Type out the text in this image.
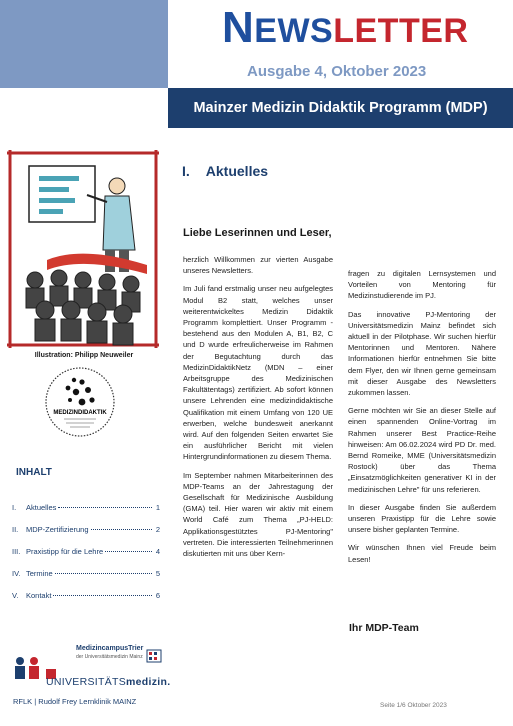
NEWSLETTER
Ausgabe 4, Oktober 2023
Mainzer Medizin Didaktik Programm (MDP)
Illustration: Philipp Neuweiler
MEDIZINDIDAKTIK
INHALT
I.	Aktuelles	1
II.	MDP-Zertifizierung	2
III. Praxistipp für die Lehre	4
IV. Termine	5
V.	Kontakt	6
MedizincampusTrier
der Universitätsmedizin Mainz
UNIVERSITÄTSmedizin.
RFLK | Rudolf Frey Lernklinik MAINZ
I. Aktuelles
Liebe Leserinnen und Leser,

herzlich Willkommen zur vierten Ausgabe unseres Newsletters.

Im Juli fand erstmalig unser neu aufgelegtes Modul B2 statt, welches unser weiterentwickeltes Medizin Didaktik Programm komplettiert. Unser Programm - bestehend aus den Modulen A, B1, B2, C und D wurde erfreulicherweise im Rahmen der Begutachtung durch das MedizinDidaktikNetz (MDN – einer Arbeitsgruppe des Medizinischen Fakultätentags) zertifiziert. Ab sofort können unsere Lehrenden eine medizindidaktische Qualifikation mit einem Umfang von 120 UE erwerben, welche bundesweit anerkannt wird. Auf den folgenden Seiten erwartet Sie ein ausführlicher Bericht mit vielen Hintergrundinformationen zu diesem Thema.

Im September nahmen Mitarbeiterinnen des MDP-Teams an der Jahrestagung der Gesellschaft für Medizinische Ausbildung (GMA) teil. Hier waren wir aktiv mit einem World Café zum Thema „PJ-HELD: Applikationsgestütztes PJ-Mentoring" vertreten. Die interessierten Teilnehmerinnen diskutierten mit uns über Kern-

fragen zu digitalen Lernsystemen und Vorteilen von Mentoring für Medizinstudierende im PJ.

Das innovative PJ-Mentoring der Universitätsmedizin Mainz befindet sich aktuell in der Pilotphase. Wir suchen hierfür Mentorinnen und Mentoren. Nähere Informationen hierfür entnehmen Sie bitte dem Flyer, den wir Ihnen gerne gemeinsam mit dieser Ausgabe des Newsletters zukommen lassen.

Gerne möchten wir Sie an dieser Stelle auf einen spannenden Online-Vortrag im Rahmen unserer Best Practice-Reihe hinweisen: Am 06.02.2024 wird PD Dr. med. Bernd Romeike, MME (Universitätsmedizin Rostock) über das Thema „Einsatzmöglichkeiten generativer KI in der medizinischen Lehre" für uns referieren.

In dieser Ausgabe finden Sie außerdem unseren Praxistipp für die Lehre sowie unsere bisher geplanten Termine.

Wir wünschen Ihnen viel Freude beim Lesen!

Ihr MDP-Team
Seite 1/6 Oktober 2023
